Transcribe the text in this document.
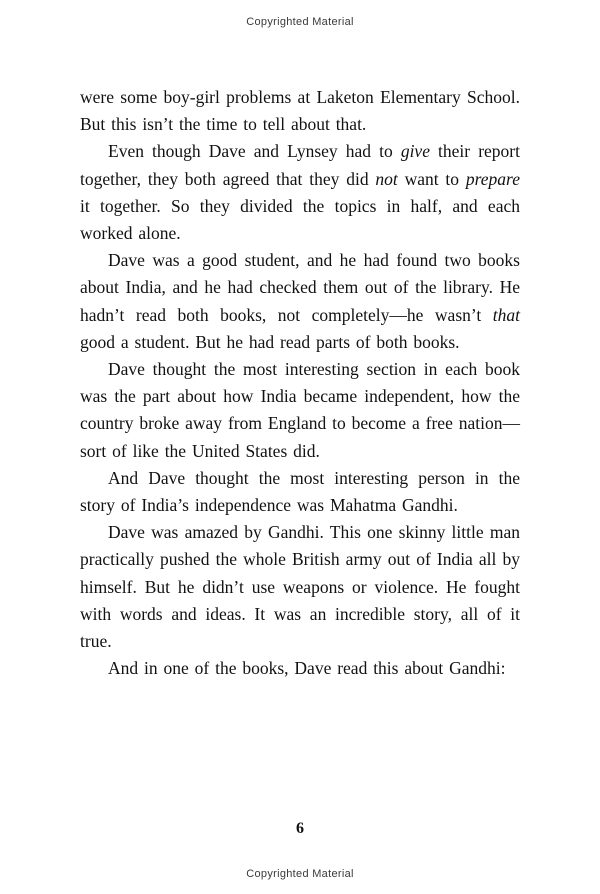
Copyrighted Material

were some boy-girl problems at Laketon Elementary School. But this isn’t the time to tell about that.

Even though Dave and Lynsey had to give their report together, they both agreed that they did not want to prepare it together. So they divided the topics in half, and each worked alone.

Dave was a good student, and he had found two books about India, and he had checked them out of the library. He hadn’t read both books, not completely—he wasn’t that good a student. But he had read parts of both books.

Dave thought the most interesting section in each book was the part about how India became independent, how the country broke away from England to become a free nation—sort of like the United States did.

And Dave thought the most interesting person in the story of India’s independence was Mahatma Gandhi.

Dave was amazed by Gandhi. This one skinny little man practically pushed the whole British army out of India all by himself. But he didn’t use weapons or violence. He fought with words and ideas. It was an incredible story, all of it true.

And in one of the books, Dave read this about Gandhi:

6
Copyrighted Material
